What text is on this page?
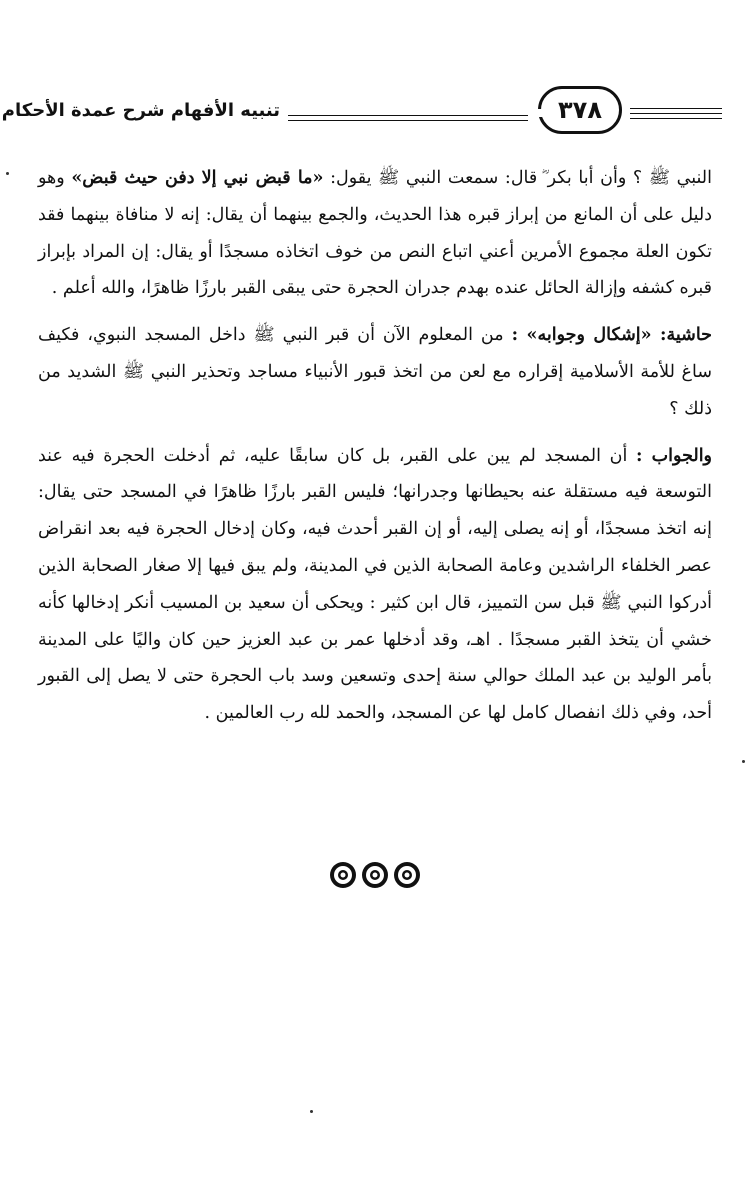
تنبيه الأفهام شرح عمدة الأحكام	٣٧٨

النبي ﷺ ؟ وأن أبا بكر ؓ قال: سمعت النبي ﷺ يقول: «ما قبض نبي إلا دفن حيث قبض» وهو دليل على أن المانع من إبراز قبره هذا الحديث، والجمع بينهما أن يقال: إنه لا منافاة بينهما فقد تكون العلة مجموع الأمرين أعني اتباع النص من خوف اتخاذه مسجدًا أو يقال: إن المراد بإبراز قبره كشفه وإزالة الحائل عنده بهدم جدران الحجرة حتى يبقى القبر بارزًا ظاهرًا، والله أعلم .

حاشية: «إشكال وجوابه» : من المعلوم الآن أن قبر النبي ﷺ داخل المسجد النبوي، فكيف ساغ للأمة الأسلامية إقراره مع لعن من اتخذ قبور الأنبياء مساجد وتحذير النبي ﷺ الشديد من ذلك ؟

والجواب : أن المسجد لم يبن على القبر، بل كان سابقًا عليه، ثم أدخلت الحجرة فيه عند التوسعة فيه مستقلة عنه بحيطانها وجدرانها؛ فليس القبر بارزًا ظاهرًا في المسجد حتى يقال: إنه اتخذ مسجدًا، أو إنه يصلى إليه، أو إن القبر أحدث فيه، وكان إدخال الحجرة فيه بعد انقراض عصر الخلفاء الراشدين وعامة الصحابة الذين في المدينة، ولم يبق فيها إلا صغار الصحابة الذين أدركوا النبي ﷺ قبل سن التمييز، قال ابن كثير : ويحكى أن سعيد بن المسيب أنكر إدخالها كأنه خشي أن يتخذ القبر مسجدًا . اهـ، وقد أدخلها عمر بن عبد العزيز حين كان واليًا على المدينة بأمر الوليد بن عبد الملك حوالي سنة إحدى وتسعين وسد باب الحجرة حتى لا يصل إلى القبور أحد، وفي ذلك انفصال كامل لها عن المسجد، والحمد لله رب العالمين .
